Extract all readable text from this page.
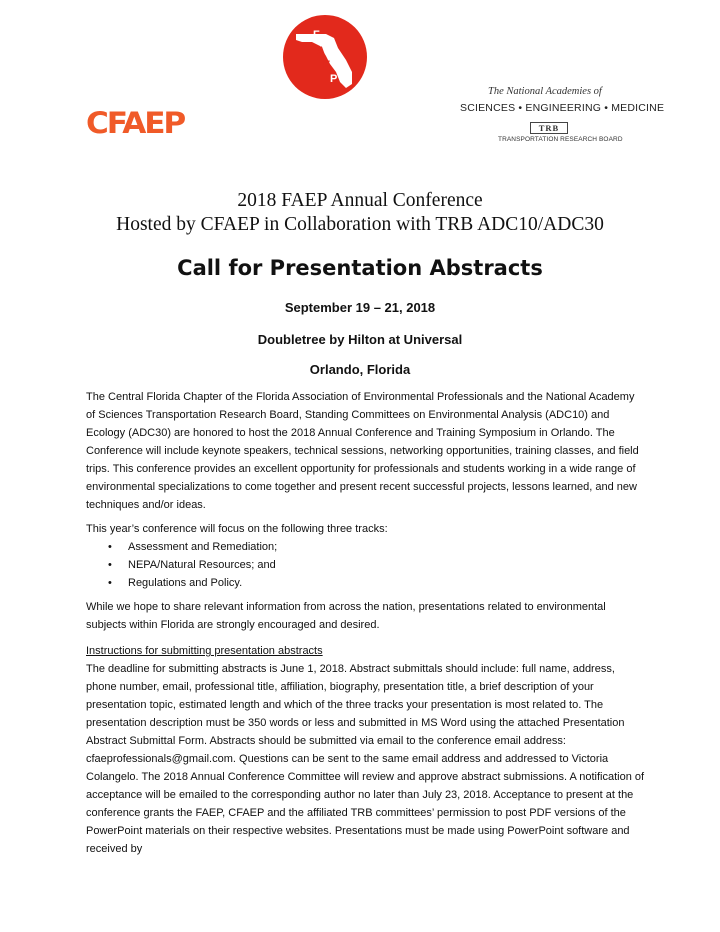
F
A
E
P
CFAEP
The National Academies of
SCIENCES • ENGINEERING • MEDICINE
TRB
TRANSPORTATION RESEARCH BOARD
2018 FAEP Annual Conference
Hosted by CFAEP in Collaboration with TRB ADC10/ADC30
Call for Presentation Abstracts
September 19 – 21, 2018
Doubletree by Hilton at Universal
Orlando, Florida
The Central Florida Chapter of the Florida Association of Environmental Professionals and the National Academy of Sciences Transportation Research Board, Standing Committees on Environmental Analysis (ADC10) and Ecology (ADC30) are honored to host the 2018 Annual Conference and Training Symposium in Orlando. The Conference will include keynote speakers, technical sessions, networking opportunities, training classes, and field trips. This conference provides an excellent opportunity for professionals and students working in a wide range of environmental specializations to come together and present recent successful projects, lessons learned, and new techniques and/or ideas.
This year’s conference will focus on the following three tracks:
• Assessment and Remediation;
• NEPA/Natural Resources; and
• Regulations and Policy.
While we hope to share relevant information from across the nation, presentations related to environmental subjects within Florida are strongly encouraged and desired.
Instructions for submitting presentation abstracts
The deadline for submitting abstracts is June 1, 2018. Abstract submittals should include: full name, address, phone number, email, professional title, affiliation, biography, presentation title, a brief description of your presentation topic, estimated length and which of the three tracks your presentation is most related to. The presentation description must be 350 words or less and submitted in MS Word using the attached Presentation Abstract Submittal Form. Abstracts should be submitted via email to the conference email address: cfaeprofessionals@gmail.com. Questions can be sent to the same email address and addressed to Victoria Colangelo. The 2018 Annual Conference Committee will review and approve abstract submissions. A notification of acceptance will be emailed to the corresponding author no later than July 23, 2018. Acceptance to present at the conference grants the FAEP, CFAEP and the affiliated TRB committees’ permission to post PDF versions of the PowerPoint materials on their respective websites. Presentations must be made using PowerPoint software and received by
